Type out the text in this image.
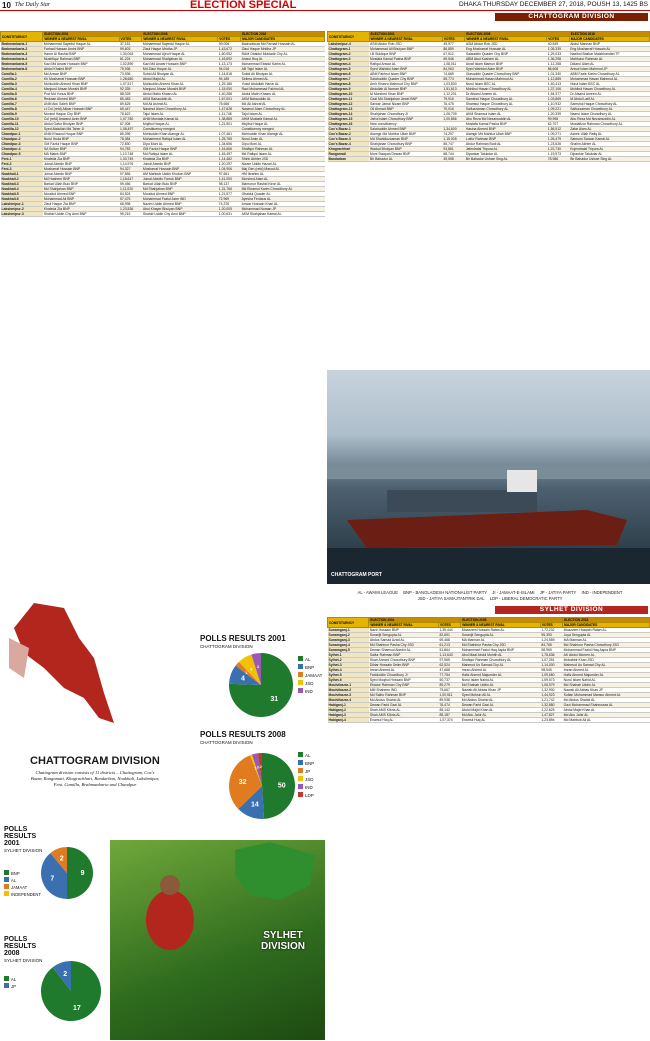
10 The Daily Star	ELECTION SPECIAL	DHAKA THURSDAY DECEMBER 27, 2018, POUSH 13, 1425 BS
CONSTITUENCY	ELECTION 2001		ELECTION 2008		ELECTION 2018
	WINNER & NEAREST RIVAL	VOTES	WINNER & NEAREST RIVAL	VOTES	MAJOR CANDIDATES
Brahmanbaria-1	Mohammad Sayedul Haque AL	37,161	Mohammad Sayedul Haque AL	99,006	Badruddoza Md Farhad Hossain AL
Brahmanbaria-2	Farhad Hassan Amini BNP	99,603	Ziaul Haque Mridha JP	1,43,672	Ziaul Haque Mridha JP
Brahmanbaria-3	Harun Al Rashid BNP	1,30,063	Mohammad Ujirul Haque AL	1,60,052	RAM Obaidul Muktadir Chy AL
Brahmanbaria-4	Mushfiqur Rahman BNP	81,224	Mohammad Shahjahan AL	1,16,692	Anisul Huq AL
Brahmanbaria-5	Kazi Md Anwar Hossain BNP	1,02,890	Kazi Md Anwar Hossain BNP	1,13,173	Mohammad Ebadul Karim AL
Brahmanbaria-6	Abdul Khaled BNP	75,936	Md Ziaul Hoque AL	94,016	AB Tajul Islam AL
Cumilla-1	Md Anwar BNP	73,936	Subid Ali Bhuiyan AL	1,14,818	Subid Ali Bhuiyan AL
Cumilla-2	Kh Mosharraf Hossain BNP	1,28,680	Abdul Majid AL	94,185	Selima Ahmed AL
Cumilla-3	Mohiuddin Ahmed Khan BNP	1,07,517	Mohiuddin Ahmed Khan AL	1,29,186	Yusuf Abdullah Harun AL
Cumilla-4	Manjurul Ahsan Munshi BNP	92,339	Manjurul Ahsan Munshi BNP	1,15,050	Razi Mohammad Fakhrul AL
Cumilla-5	Prof Md Yunus BNP	88,328	Abdul Matin Khasru AL	1,40,288	Abdul Matin Khasru AL
Cumilla-6	Redwan Ahmed BNP	85,483	AKM Bahauddin AL	1,67,001	AKM Bahauddin AL
Cumilla-7	ANM Abu Saleh BNP	89,625	Md Ali Ashraf AL	75,666	Md Ali Ashraf AL
Cumilla-8	Lt Col (retd) Akbar Hossain BNP	65,447	Nasimul Alam Chowdhury AL	1,47,628	Nasimul Alam Chowdhury AL
Cumilla-9	Monirul Haque Chy BNP	78,622	Tajul Islam AL	1,11,748	Tajul Islam AL
Cumilla-10	Col (retd) Anwarul Azim BNP	1,07,780	AHM Mustafa Kamal AL	1,38,885	AHM Mustafa Kamal AL
Cumilla-11	Abdul Gafur Bhuiyan BNP	67,008	Mujibul Haque AL	1,21,501	Mujibul Haque AL
Cumilla-12	Syed Abdullah Md Taher JI	1,08,497	Constituency merged		Constituency merged
Chandpur-1	ANM Ehsanul Hoque BNP	85,396	Mohiuddin Khan Alamgir AL	1,07,461	Mohiuddin Khan Alamgir AL
Chandpur-2	Nurul Huda BNP	78,384	Mohammed Rafiqul Islam AL	1,25,785	Nurul Amin AL
Chandpur-3	GM Fazlul Haque BNP	72,830	Dipu Moni AL	1,34,656	Dipu Moni AL
Chandpur-4	SA Sultan BNP	94,783	GM Fazlul Haque BNP	1,16,666	Shafiqur Rahman AL
Chandpur-5	MA Malek BNP	1,10,748	Md Rafiqul Islam AL	1,45,497	Md Rafiqul Islam AL
Feni-1	Khaleda Zia BNP	1,03,749	Khaleda Zia BNP	1,14,482	Shirin Akhter JSD
Feni-2	Joinal Abedin BNP	1,14,976	Joinal Abedin BNP	1,20,297	Nizam Uddin Hazari AL
Feni-3	Mosharraf Hossain BNP	94,327	Mosharraf Hossain BNP	1,04,906	Maj Gen (retd) Masud AL
Noakhali-1	Joinal Abedin BNP	57,556	AM Mahbub Uddin Khokon BNP	97,661	HM Ibrahim AL
Noakhali-2	Md Hashem BNP	1,18,647	Joinal Abedin Farruk BNP	1,41,000	Morshed Alam AL
Noakhali-3	Barkat Ullah Bulu BNP	59,456	Barkat Ullah Bulu BNP	98,137	Mamunur Rashid Kiron AL
Noakhali-4	Md Shahjahan BNP	1,11,020	Md Shahjahan BNP	1,31,766	Md Ekramul Karim Chowdhury AL
Noakhali-5	Moudud Ahmed BNP	84,524	Moudud Ahmed BNP	1,21,577	Obaidul Quader AL
Noakhali-6	Mohammad Ali BNP	57,475	Mohammad Fazlul Azim IND	72,969	Ayesha Ferdaus AL
Lakshmipur-1	Ziaul Haque Zia BNP	68,998	Nazim Uddin Ahmed BNP	74,376	Anwar Hossain Khan AL
Lakshmipur-2	Khaleda Zia BNP	1,23,536	Abul Khayer Bhuiyan BNP	1,20,005	Mohammad Noman JP
Lakshmipur-3	Shahid Uddin Chy Anni BNP	95,215	Shahid Uddin Chy Anni BNP	1,00,631	AKM Shahjahan Kamal AL
CHATTOGRAM DIVISION
CONSTITUENCY	ELECTION 2001		ELECTION 2008		ELECTION 2018
	WINNER & NEAREST RIVAL	VOTES	WINNER & NEAREST RIVAL	VOTES	MAJOR CANDIDATES
Lakshmipur-4	ASM Abdur Rob JSD	45,977	ASM Abdur Rob JSD	40,549	Abdul Mannan BNP
Chattogram-1	Mohammad Ali Bhuiyan BNP	86,859	Eng Mosharraf Hossain AL	1,05,339	Eng Mosharraf Hossain AL
Chattogram-2	LB Siddique BNP	67,512	Salauddin Quader Chy BNP	1,29,033	Nazibul Bashar Maizbhandari TF
Chattogram-3	Mostafa Kamal Pasha BNP	69,546	ABM Abul Kashem AL	1,36,298	Mahfuzur Rahman AL
Chattogram-4	Rafiqul Anwar AL	1,08,011	Asraf Islam Mamun BNP	1,12,288	Didarul Alam AL
Chattogram-5	Syed Wahidul Alam BNP	84,063	Syed Wahidul Alam BNP	86,608	Anisul Islam Mahmud JP
Chattogram-6	ABM Fakhrul Islam BNP	74,669	Giasuddin Quader Chowdhury BNP	1,01,340	ABM Fazle Karim Chowdhury AL
Chattogram-7	Salahuddin Quader Chy BNP	65,774	Muhammad Hasan Mahmud AL	1,12,885	Muhammad Hasan Mahmud AL
Chattogram-8	Amir Khasru Mahmud Chy BNP	1,03,500	Nurul Islam BSC AL	1,40,413	Nurul Islam BSC AL
Chattogram-9	Abdullah Al Noman BNP	1,51,613	Mohibul Hasan Chowdhury AL	1,37,106	Mohibul Hasan Chowdhury AL
Chattogram-10	M Morshed Khan BNP	1,12,201	Dr Afsarul Ameen AL	1,54,377	Dr Afsarul Ameen AL
Chattogram-11	Gazi Md Shahjahan Jewel BNP	79,916	Samshul Haque Chowdhury AL	1,03,869	M Abdul Latif AL
Chattogram-12	Sarwar Jamal Nizam BNP	76,475	Shamsul Haque Chowdhury AL	1,10,932	Samshul Haque Chowdhury AL
Chattogram-13	Oli Ahmad BNP	70,016	Saifuzzaman Chowdhury AL	1,09,221	Saifuzzaman Chowdhury AL
Chattogram-14	Shahjahan Chowdhury JI	1,06,709	AKM Shamsul Islam AL	1,20,339	Nazrul Islam Chowdhury AL
Chattogram-15	Jafrul Islam Chowdhury BNP	1,00,856	Abu Reza Md Nezamuddin AL	99,998	Abu Reza Md Nezamuddin AL
Chattogram-16	New constituency		Mostafa Kamal Pasha BNP	62,707	Mostafizur Rahman Chowdhury AL
Cox's Bazar-1	Salahuddin Ahmed BNP	1,34,600	Hasina Ahmed BNP	1,56,512	Zafar Alam AL
Cox's Bazar-2	Alamgir Md Mahfuz Ullah BNP	74,297	Alamgir Md Mahfuz Ullah BNP	1,09,271	Ashek Ullah Rafiq AL
Cox's Bazar-3	Md Shahiduzzaman BNP	1,15,005	Lutfor Rahman BNP	1,26,479	Saimum Sarwar Kamal AL
Cox's Bazar-4	Shahjahan Chowdhury BNP	85,747	Abdur Rahman Bodi AL	1,23,626	Shahin Akhter AL
Khagrachhari	Wadud Bhuiyan BNP	93,861	Jatindralal Tripura AL	1,22,730	Kujendralal Tripura AL
Rangamati	Moni Swapan Dewan BNP	68,744	Dipankar Talukdar AL	1,19,973	Dipankar Talukdar AL
Bandarban	Bir Bahadur AL	39,558	Bir Bahadur Ushwe Sing AL	78,986	Bir Bahadur Ushwe Sing AL
CHATTOGRAM PORT
AL - AWAMI LEAGUE BNP - BANGLADESH NATIONALIST PARTY JI - JAMAAT-E-ISLAMI JP - JATIYA PARTY IND - INDEPENDENT
JSD - JATIYA SAMAJTANTRIK DAL LDP - LIBERAL DEMOCRATIC PARTY
SYLHET DIVISION
CONSTITUENCY	ELECTION 2001		ELECTION 2008		ELECTION 2018
	WINNER & NEAREST RIVAL	VOTES	WINNER & NEAREST RIVAL	VOTES	MAJOR CANDIDATES
Sunamganj-1	Nazir Hossain BNP	1,35,444	Moazzem Hossain Ratan AL	1,72,232	Moazzem Hossain Ratan AL
Sunamganj-2	Suranjit Sengupta AL	82,691	Suranjit Sengupta AL	95,393	Joya Sengupta AL
Sunamganj-3	Abdus Samad Azad AL	69,468	MA Mannan AL	1,24,559	MA Mannan AL
Sunamganj-4	Md Shahinur Pasha Chy JSD	61,213	Md Shahinur Pasha Chy JSD	84,765	Md Shahinur Pasha Chowdhury JSD
Sunamganj-5	Dewan Shamsul Abedin AL	51,864	Mohammad Fazlul Haq Aspia BNP	58,969	Mohammad Fazlul Haq Aspia BNP
Sylhet-1	Saifur Rahman BNP	1,13,643	Abul Maal Abdul Muhith AL	1,78,636	AK Abdul Momen AL
Sylhet-2	Shah Ahmed Chowdhury BNP	97,965	Shafiqur Rahman Chowdhury AL	1,07,391	Mokabbir Khan JSD
Sylhet-3	Dildar Hossain Selim BNP	62,524	Mahmud Us Samad Chy AL	1,14,000	Mahmud Us Samad Chy AL
Sylhet-4	Imran Ahmed AL	47,688	Imran Ahmed AL	98,545	Imran Ahmed AL
Sylhet-5	Fariduddin Chowdhury JI	77,754	Hafiz Ahmed Majumder AL	1,09,680	Hafiz Ahmed Majumder AL
Sylhet-6	Syed Moqbul Hossain BNP	50,737	Nurul Islam Nahid AL	1,59,573	Nurul Islam Nahid AL
Moulvibazar-1	Ebadur Rahman Chy BNP	89,279	Md Shahab Uddin AL	1,06,579	Md Shahab Uddin AL
Moulvibazar-2	MM Shaheen IND	79,667	Nawab Ali Abbas Khan JP	1,32,900	Nawab Ali Abbas Khan JP
Moulvibazar-3	Md Saifur Rahman BNP	1,00,511	Syed Mohsin Ali AL	1,44,923	Sultan Mohammad Mansur Ahmed AL
Moulvibazar-4	Md Abdus Shahid AL	89,938	Md Abdus Shahid AL	1,21,742	Md Abdus Shahid AL
Habiganj-1	Dewan Farid Gazi AL	76,474	Dewan Farid Gazi AL	1,32,880	Gazi Mohammad Shahnowaz AL
Habiganj-2	Shah AMS Kibria AL	85,142	Abdul Majid Khan AL	1,22,625	Abdul Majid Khan AL
Habiganj-3	Shah AMS Kibria AL	85,187	Md Abu Jahir AL	1,47,827	Md Abu Jahir AL
Habiganj-4	Enamul Huq AL	1,07,374	Enamul Huq AL	1,23,894	Md Mahbub Ali AL
CHATTOGRAM DIVISION
Chattogram division consists of 11 districts – Chattogram, Cox's Bazar, Rangamati, Khagrachhari, Bandarban, Noakhali, Lakshmipur, Feni, Cumilla, Brahmanbaria and Chandpur
POLLS RESULTS 2001
CHATTOGRAM DIVISION
31
4
1
3 2
AL
BNP
JAMAAT
JSD
IND
POLLS RESULTS 2008
CHATTOGRAM DIVISION
50
14
32
1 3 2
AL
BNP
JP
JSD
IND
LDP
POLLS RESULTS 2001
SYLHET DIVISION
9
7
2
BNP
AL
JAMAAT
INDEPENDENT
POLLS RESULTS 2008
SYLHET DIVISION
17
2
AL
JP
SYLHET DIVISION
